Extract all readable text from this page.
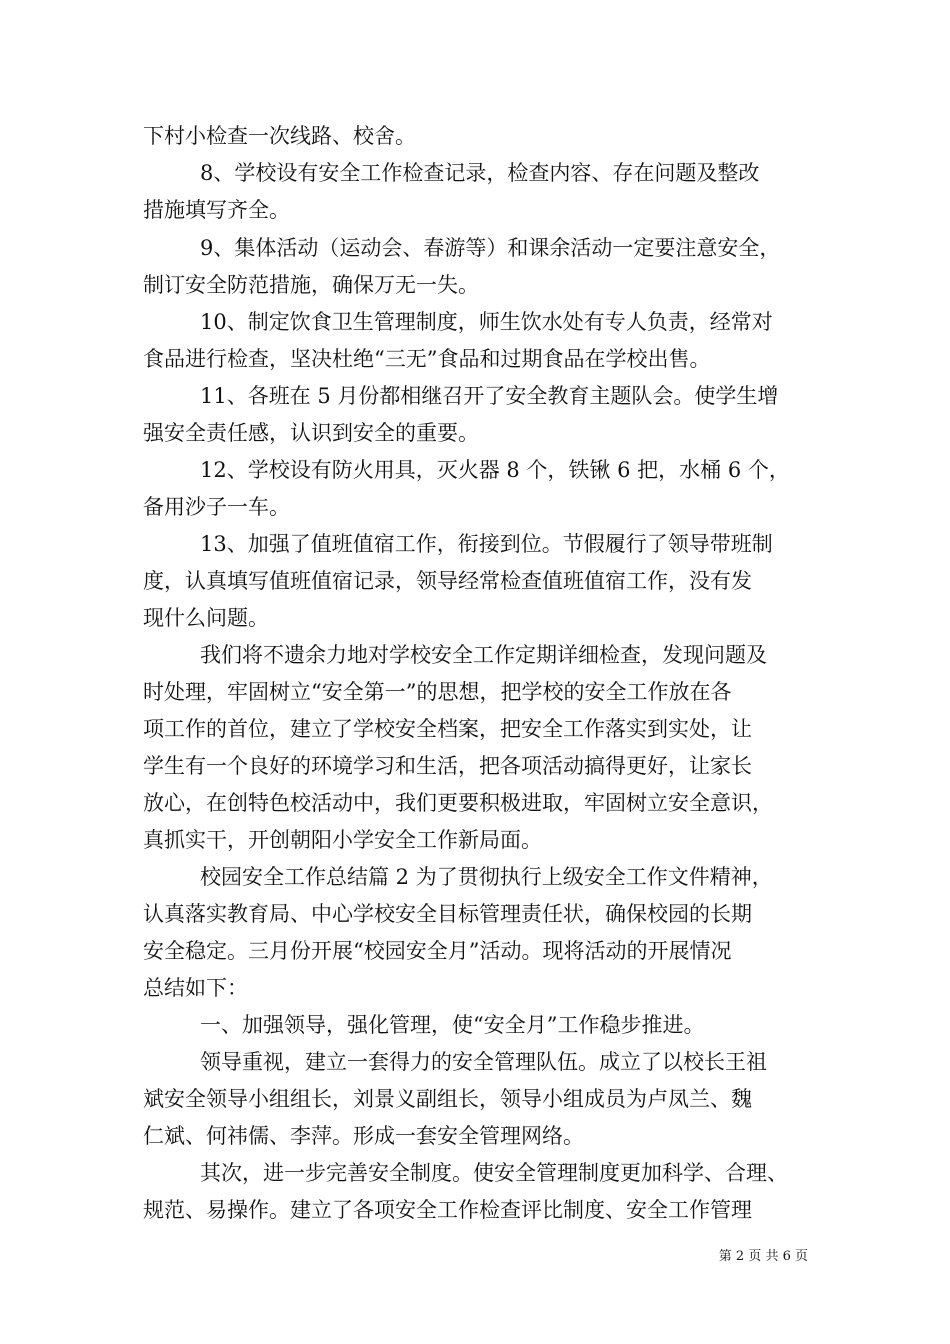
下村小检查一次线路、校舍。
8、学校设有安全工作检查记录，检查内容、存在问题及整改
措施填写齐全。
9、集体活动（运动会、春游等）和课余活动一定要注意安全，
制订安全防范措施，确保万无一失。
10、制定饮食卫生管理制度，师生饮水处有专人负责，经常对
食品进行检查，坚决杜绝“三无”食品和过期食品在学校出售。
11、各班在 5 月份都相继召开了安全教育主题队会。使学生增
强安全责任感，认识到安全的重要。
12、学校设有防火用具，灭火器 8 个，铁锹 6 把，水桶 6 个，
备用沙子一车。
13、加强了值班值宿工作，衔接到位。节假履行了领导带班制
度，认真填写值班值宿记录，领导经常检查值班值宿工作，没有发
现什么问题。
我们将不遗余力地对学校安全工作定期详细检查，发现问题及
时处理，牢固树立“安全第一”的思想，把学校的安全工作放在各
项工作的首位，建立了学校安全档案，把安全工作落实到实处，让
学生有一个良好的环境学习和生活，把各项活动搞得更好，让家长
放心，在创特色校活动中，我们更要积极进取，牢固树立安全意识，
真抓实干，开创朝阳小学安全工作新局面。
校园安全工作总结篇 2 为了贯彻执行上级安全工作文件精神，
认真落实教育局、中心学校安全目标管理责任状，确保校园的长期
安全稳定。三月份开展“校园安全月”活动。现将活动的开展情况
总结如下：
一、加强领导，强化管理，使“安全月”工作稳步推进。
领导重视，建立一套得力的安全管理队伍。成立了以校长王祖
斌安全领导小组组长，刘景义副组长，领导小组成员为卢凤兰、魏
仁斌、何祎儒、李萍。形成一套安全管理网络。
其次，进一步完善安全制度。使安全管理制度更加科学、合理、
规范、易操作。建立了各项安全工作检查评比制度、安全工作管理
第 2 页 共 6 页
